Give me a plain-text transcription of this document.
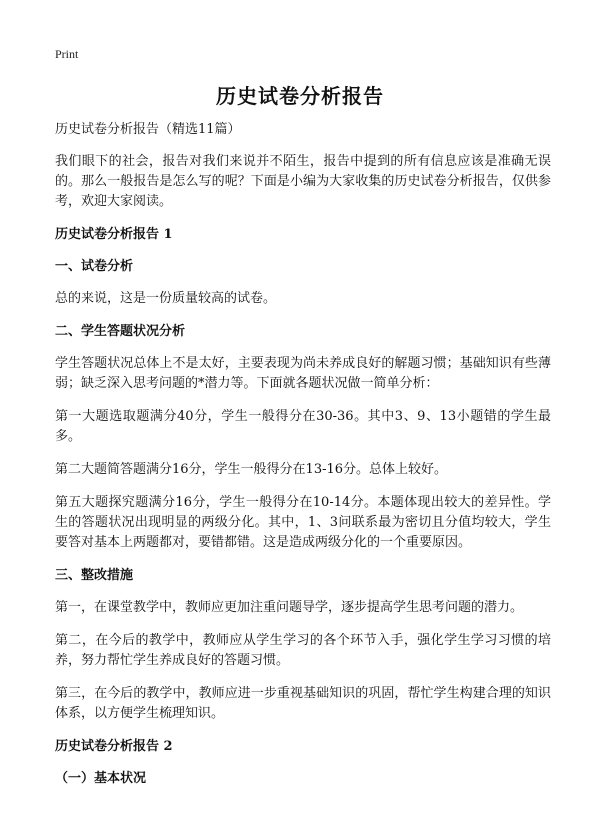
Print
历史试卷分析报告

历史试卷分析报告（精选11篇）

我们眼下的社会，报告对我们来说并不陌生，报告中提到的所有信息应该是准确无误的。那么一般报告是怎么写的呢？下面是小编为大家收集的历史试卷分析报告，仅供参考，欢迎大家阅读。

历史试卷分析报告 1
一、试卷分析

总的来说，这是一份质量较高的试卷。

二、学生答题状况分析

学生答题状况总体上不是太好，主要表现为尚未养成良好的解题习惯；基础知识有些薄弱；缺乏深入思考问题的*潜力等。下面就各题状况做一简单分析：

第一大题选取题满分40分，学生一般得分在30-36。其中3、9、13小题错的学生最多。

第二大题简答题满分16分，学生一般得分在13-16分。总体上较好。

第五大题探究题满分16分，学生一般得分在10-14分。本题体现出较大的差异性。学生的答题状况出现明显的两级分化。其中，1、3问联系最为密切且分值均较大，学生要答对基本上两题都对，要错都错。这是造成两级分化的一个重要原因。

三、整改措施

第一，在课堂教学中，教师应更加注重问题导学，逐步提高学生思考问题的潜力。

第二，在今后的教学中，教师应从学生学习的各个环节入手，强化学生学习习惯的培养，努力帮忙学生养成良好的答题习惯。

第三，在今后的教学中，教师应进一步重视基础知识的巩固，帮忙学生构建合理的知识体系，以方便学生梳理知识。

历史试卷分析报告 2
（一）基本状况
